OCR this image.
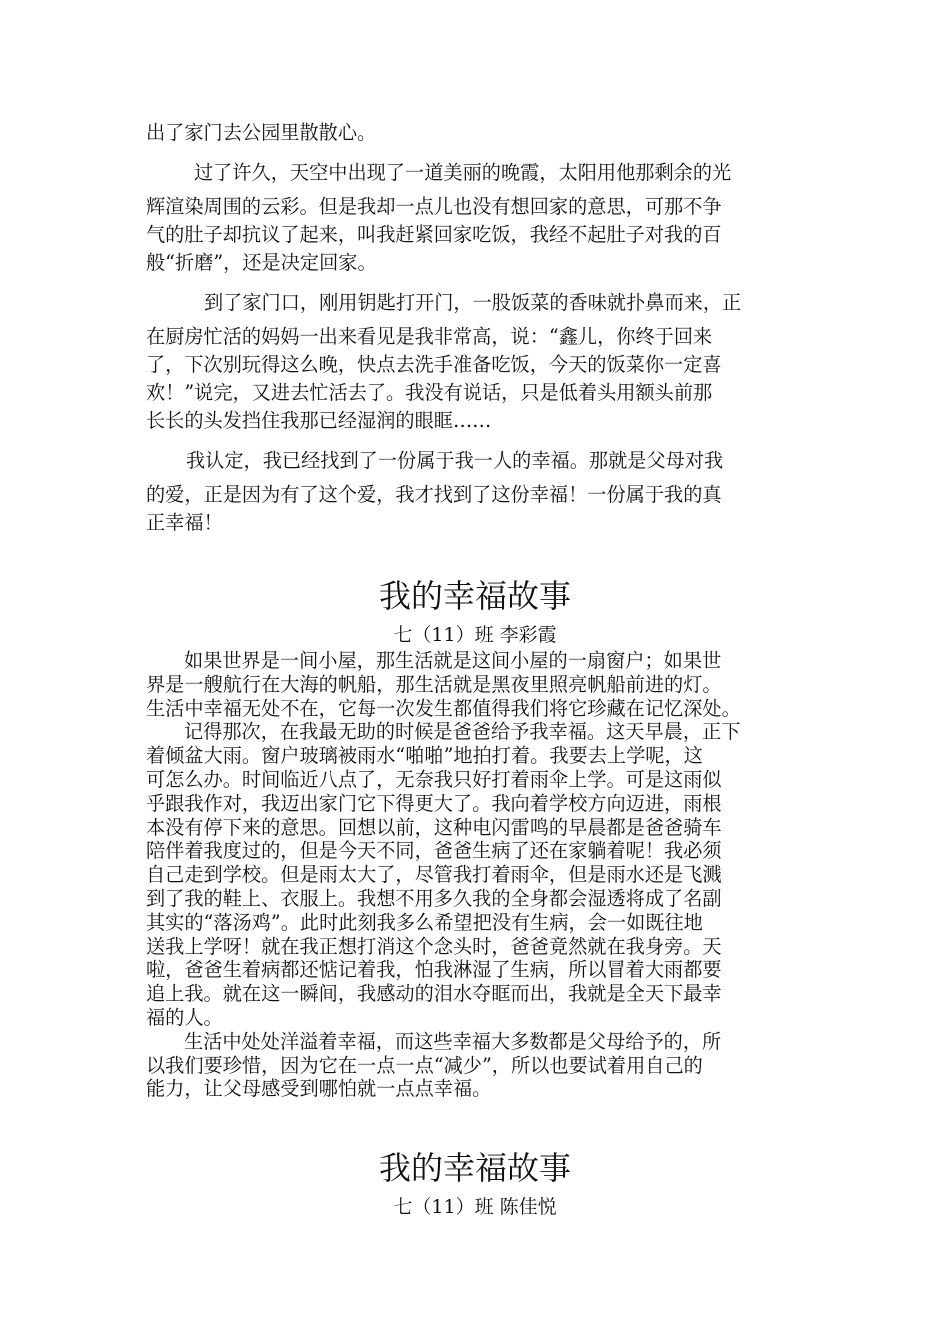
出了家门去公园里散散心。
过了许久，天空中出现了一道美丽的晚霞，太阳用他那剩余的光
辉渲染周围的云彩。但是我却一点儿也没有想回家的意思，可那不争
气的肚子却抗议了起来，叫我赶紧回家吃饭，我经不起肚子对我的百
般“折磨”，还是决定回家。
到了家门口，刚用钥匙打开门，一股饭菜的香味就扑鼻而来，正
在厨房忙活的妈妈一出来看见是我非常高，说：“鑫儿，你终于回来
了，下次别玩得这么晚，快点去洗手准备吃饭，今天的饭菜你一定喜
欢！”说完，又进去忙活去了。我没有说话，只是低着头用额头前那
长长的头发挡住我那已经湿润的眼眶……
我认定，我已经找到了一份属于我一人的幸福。那就是父母对我
的爱，正是因为有了这个爱，我才找到了这份幸福！一份属于我的真
正幸福！
我的幸福故事
七（11）班 李彩霞
如果世界是一间小屋，那生活就是这间小屋的一扇窗户；如果世
界是一艘航行在大海的帆船，那生活就是黑夜里照亮帆船前进的灯。
生活中幸福无处不在，它每一次发生都值得我们将它珍藏在记忆深处。
记得那次，在我最无助的时候是爸爸给予我幸福。这天早晨，正下
着倾盆大雨。窗户玻璃被雨水“啪啪”地拍打着。我要去上学呢，这
可怎么办。时间临近八点了，无奈我只好打着雨伞上学。可是这雨似
乎跟我作对，我迈出家门它下得更大了。我向着学校方向迈进，雨根
本没有停下来的意思。回想以前，这种电闪雷鸣的早晨都是爸爸骑车
陪伴着我度过的，但是今天不同，爸爸生病了还在家躺着呢！我必须
自己走到学校。但是雨太大了，尽管我打着雨伞，但是雨水还是飞溅
到了我的鞋上、衣服上。我想不用多久我的全身都会湿透将成了名副
其实的“落汤鸡”。此时此刻我多么希望把没有生病，会一如既往地
送我上学呀！就在我正想打消这个念头时，爸爸竟然就在我身旁。天
啦，爸爸生着病都还惦记着我，怕我淋湿了生病，所以冒着大雨都要
追上我。就在这一瞬间，我感动的泪水夺眶而出，我就是全天下最幸
福的人。
生活中处处洋溢着幸福，而这些幸福大多数都是父母给予的，所
以我们要珍惜，因为它在一点一点“减少”，所以也要试着用自己的
能力，让父母感受到哪怕就一点点幸福。
我的幸福故事
七（11）班 陈佳悦
